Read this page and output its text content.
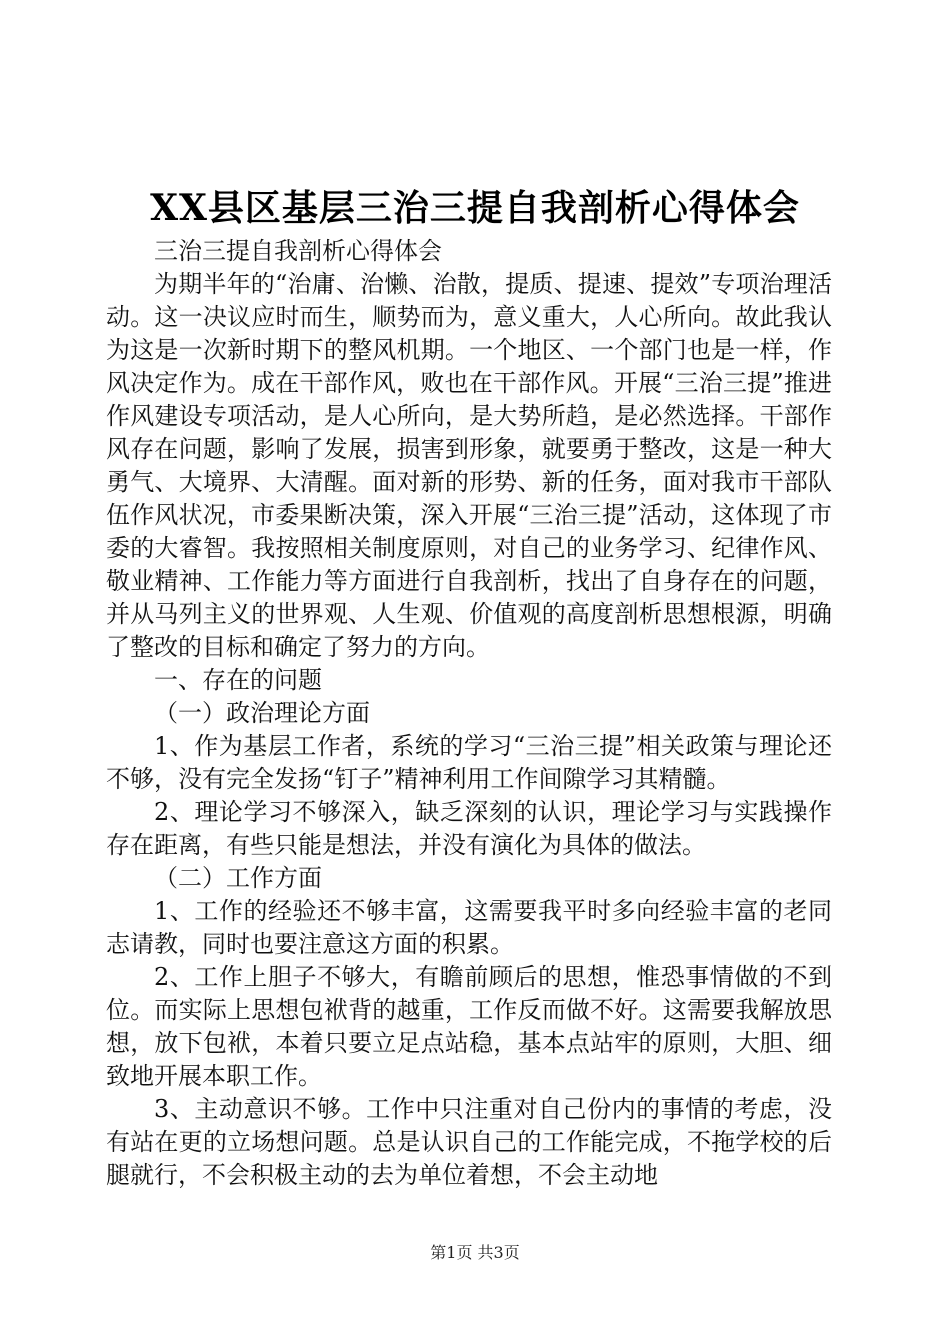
XX县区基层三治三提自我剖析心得体会

三治三提自我剖析心得体会

为期半年的“治庸、治懒、治散，提质、提速、提效”专项治理活动。这一决议应时而生，顺势而为，意义重大，人心所向。故此我认为这是一次新时期下的整风机期。一个地区、一个部门也是一样，作风决定作为。成在干部作风，败也在干部作风。开展“三治三提”推进作风建设专项活动，是人心所向，是大势所趋，是必然选择。干部作风存在问题，影响了发展，损害到形象，就要勇于整改，这是一种大勇气、大境界、大清醒。面对新的形势、新的任务，面对我市干部队伍作风状况，市委果断决策，深入开展“三治三提”活动，这体现了市委的大睿智。我按照相关制度原则，对自己的业务学习、纪律作风、敬业精神、工作能力等方面进行自我剖析，找出了自身存在的问题，并从马列主义的世界观、人生观、价值观的高度剖析思想根源，明确了整改的目标和确定了努力的方向。

一、存在的问题

（一）政治理论方面

1、作为基层工作者，系统的学习“三治三提”相关政策与理论还不够，没有完全发扬“钉子”精神利用工作间隙学习其精髓。

2、理论学习不够深入，缺乏深刻的认识，理论学习与实践操作存在距离，有些只能是想法，并没有演化为具体的做法。

（二）工作方面

1、工作的经验还不够丰富，这需要我平时多向经验丰富的老同志请教，同时也要注意这方面的积累。

2、工作上胆子不够大，有瞻前顾后的思想，惟恐事情做的不到位。而实际上思想包袱背的越重，工作反而做不好。这需要我解放思想，放下包袱，本着只要立足点站稳，基本点站牢的原则，大胆、细致地开展本职工作。

3、主动意识不够。工作中只注重对自己份内的事情的考虑，没有站在更的立场想问题。总是认识自己的工作能完成，不拖学校的后腿就行，不会积极主动的去为单位着想，不会主动地

第1页 共3页
